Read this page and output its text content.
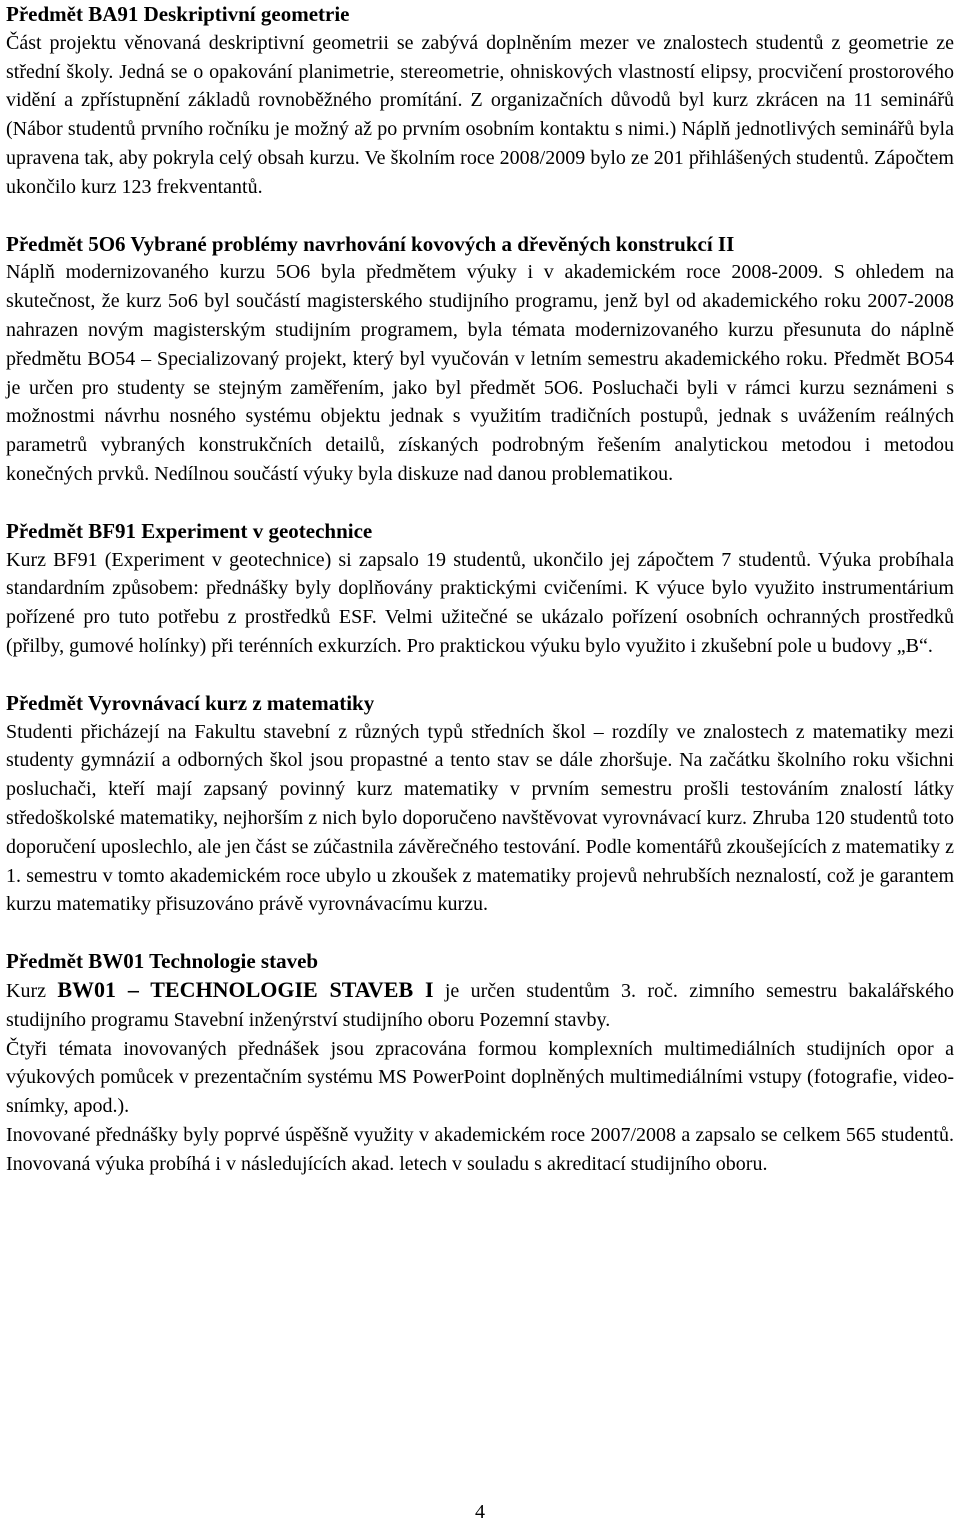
Předmět BA91 Deskriptivní geometrie

Část projektu věnovaná deskriptivní geometrii se zabývá doplněním mezer ve znalostech studentů z geometrie ze střední školy. Jedná se o opakování planimetrie, stereometrie, ohniskových vlastností elipsy, procvičení prostorového vidění a zpřístupnění základů rovnoběžného promítání. Z organizačních důvodů byl kurz zkrácen na 11 seminářů (Nábor studentů prvního ročníku je možný až po prvním osobním kontaktu s nimi.) Náplň jednotlivých seminářů byla upravena tak, aby pokryla celý obsah kurzu. Ve školním roce 2008/2009 bylo ze 201 přihlášených studentů. Zápočtem ukončilo kurz 123 frekventantů.

Předmět 5O6 Vybrané problémy navrhování kovových a dřevěných konstrukcí II

Náplň modernizovaného kurzu 5O6 byla předmětem výuky i v akademickém roce 2008-2009. S ohledem na skutečnost, že kurz 5o6 byl součástí magisterského studijního programu, jenž byl od akademického roku 2007-2008 nahrazen novým magisterským studijním programem, byla témata modernizovaného kurzu přesunuta do náplně předmětu BO54 – Specializovaný projekt, který byl vyučován v letním semestru akademického roku. Předmět BO54 je určen pro studenty se stejným zaměřením, jako byl předmět 5O6. Posluchači byli v rámci kurzu seznámeni s možnostmi návrhu nosného systému objektu jednak s využitím tradičních postupů, jednak s uvážením reálných parametrů vybraných konstrukčních detailů, získaných podrobným řešením analytickou metodou i metodou konečných prvků. Nedílnou součástí výuky byla diskuze nad danou problematikou.

Předmět BF91 Experiment v geotechnice

Kurz BF91 (Experiment v geotechnice) si zapsalo 19 studentů, ukončilo jej zápočtem 7 studentů. Výuka probíhala standardním způsobem: přednášky byly doplňovány praktickými cvičeními. K výuce bylo využito instrumentárium pořízené pro tuto potřebu z prostředků ESF. Velmi užitečné se ukázalo pořízení osobních ochranných prostředků (přilby, gumové holínky) při terénních exkurzích. Pro praktickou výuku bylo využito i zkušební pole u budovy „B“.

Předmět Vyrovnávací kurz z matematiky

Studenti přicházejí na Fakultu stavební z různých typů středních škol – rozdíly ve znalostech z matematiky mezi studenty gymnázií a odborných škol jsou propastné a tento stav se dále zhoršuje. Na začátku školního roku všichni posluchači, kteří mají zapsaný povinný kurz matematiky v prvním semestru prošli testováním znalostí látky středoškolské matematiky, nejhorším z nich bylo doporučeno navštěvovat vyrovnávací kurz. Zhruba 120 studentů toto doporučení uposlechlo, ale jen část se zúčastnila závěrečného testování. Podle komentářů zkoušejících z matematiky z 1. semestru v tomto akademickém roce ubylo u zkoušek z matematiky projevů nehrubších neznalostí, což je garantem kurzu matematiky přisuzováno právě vyrovnávacímu kurzu.

Předmět BW01 Technologie staveb

Kurz BW01 – TECHNOLOGIE STAVEB I je určen studentům 3. roč. zimního semestru bakalářského studijního programu Stavební inženýrství studijního oboru Pozemní stavby.

Čtyři témata inovovaných přednášek jsou zpracována formou komplexních multimediálních studijních opor a výukových pomůcek v prezentačním systému MS PowerPoint doplněných multimediálními vstupy (fotografie, video-snímky, apod.).

Inovované přednášky byly poprvé úspěšně využity v akademickém roce 2007/2008 a zapsalo se celkem 565 studentů. Inovovaná výuka probíhá i v následujících akad. letech v souladu s akreditací studijního oboru.

4
